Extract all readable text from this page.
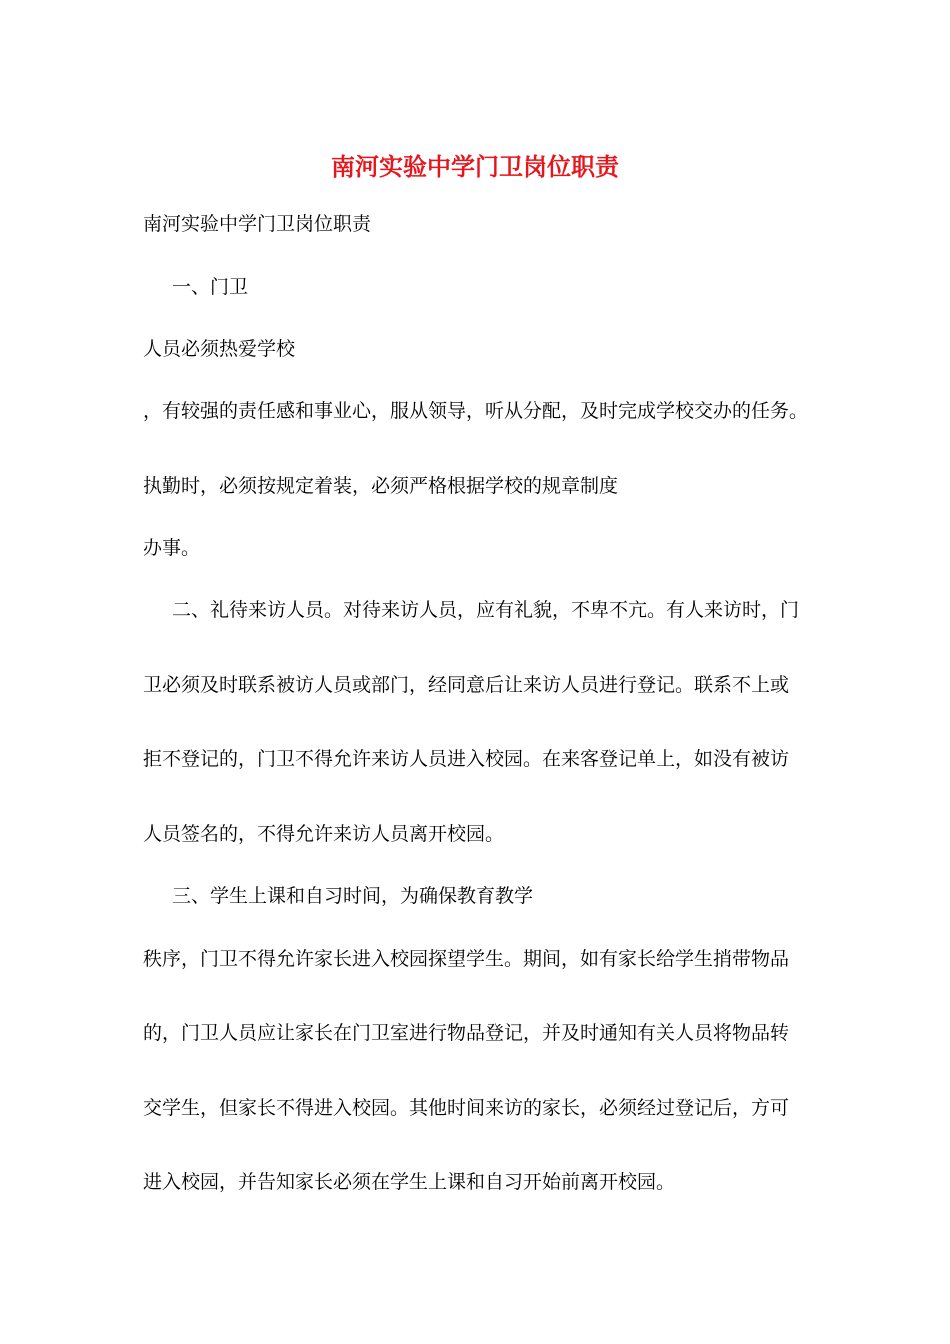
南河实验中学门卫岗位职责
南河实验中学门卫岗位职责
一、门卫
人员必须热爱学校
，有较强的责任感和事业心，服从领导，听从分配，及时完成学校交办的任务。
执勤时，必须按规定着装，必须严格根据学校的规章制度
办事。
二、礼待来访人员。对待来访人员，应有礼貌，不卑不亢。有人来访时，门
卫必须及时联系被访人员或部门，经同意后让来访人员进行登记。联系不上或
拒不登记的，门卫不得允许来访人员进入校园。在来客登记单上，如没有被访
人员签名的，不得允许来访人员离开校园。
三、学生上课和自习时间，为确保教育教学
秩序，门卫不得允许家长进入校园探望学生。期间，如有家长给学生捎带物品
的，门卫人员应让家长在门卫室进行物品登记，并及时通知有关人员将物品转
交学生，但家长不得进入校园。其他时间来访的家长，必须经过登记后，方可
进入校园，并告知家长必须在学生上课和自习开始前离开校园。
